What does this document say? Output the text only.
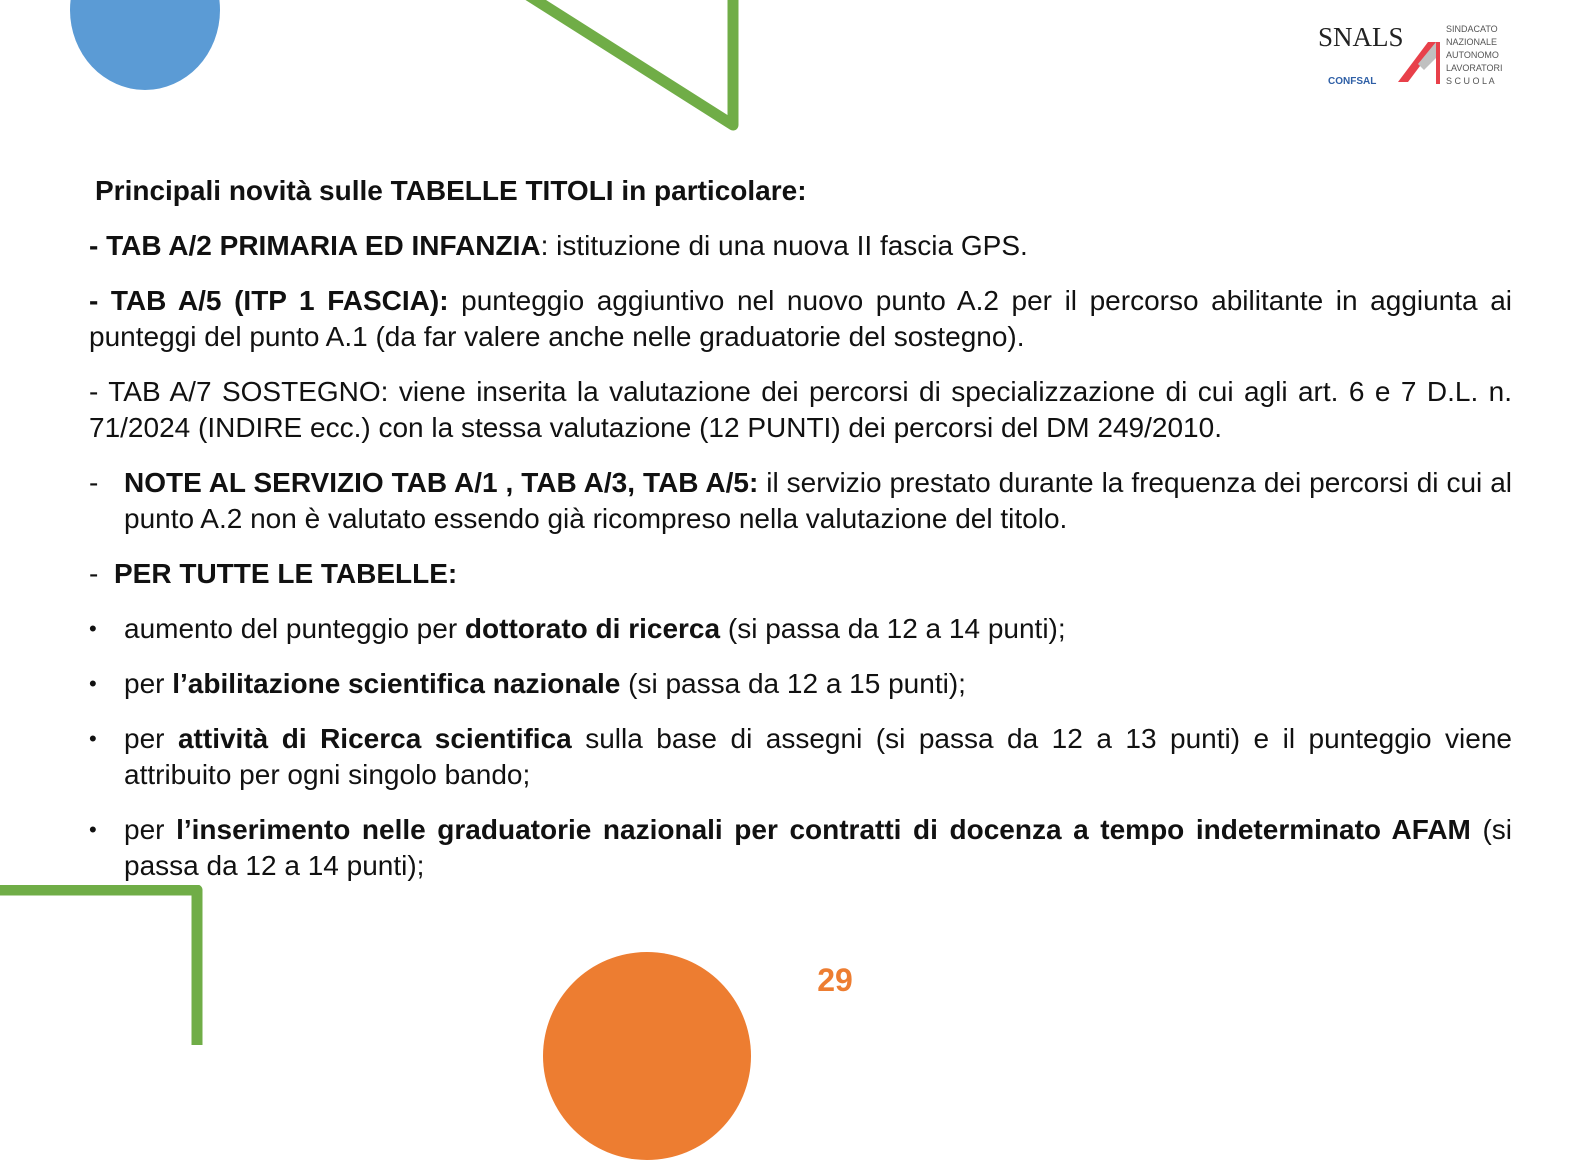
SNALS
CONFSAL
SINDACATO
NAZIONALE
AUTONOMO
LAVORATORI
S C U O L A

Principali novità sulle TABELLE TITOLI in particolare:

- TAB A/2 PRIMARIA ED INFANZIA: istituzione di una nuova II fascia GPS.

- TAB A/5 (ITP 1 FASCIA): punteggio aggiuntivo nel nuovo punto A.2 per il percorso abilitante in aggiunta ai punteggi del punto A.1 (da far valere anche nelle graduatorie del sostegno).

- TAB A/7 SOSTEGNO: viene inserita la valutazione dei percorsi di specializzazione di cui agli art. 6 e 7 D.L. n. 71/2024 (INDIRE ecc.) con la stessa valutazione (12 PUNTI) dei percorsi del DM 249/2010.

- NOTE AL SERVIZIO TAB A/1 , TAB A/3, TAB A/5: il servizio prestato durante la frequenza dei percorsi di cui al punto A.2 non è valutato essendo già ricompreso nella valutazione del titolo.
- PER TUTTE LE TABELLE:
• aumento del punteggio per dottorato di ricerca (si passa da 12 a 14 punti);
• per l’abilitazione scientifica nazionale (si passa da 12 a 15 punti);
• per attività di Ricerca scientifica sulla base di assegni (si passa da 12 a 13 punti) e il punteggio viene attribuito per ogni singolo bando;
• per l’inserimento nelle graduatorie nazionali per contratti di docenza a tempo indeterminato AFAM (si passa da 12 a 14 punti);
29
